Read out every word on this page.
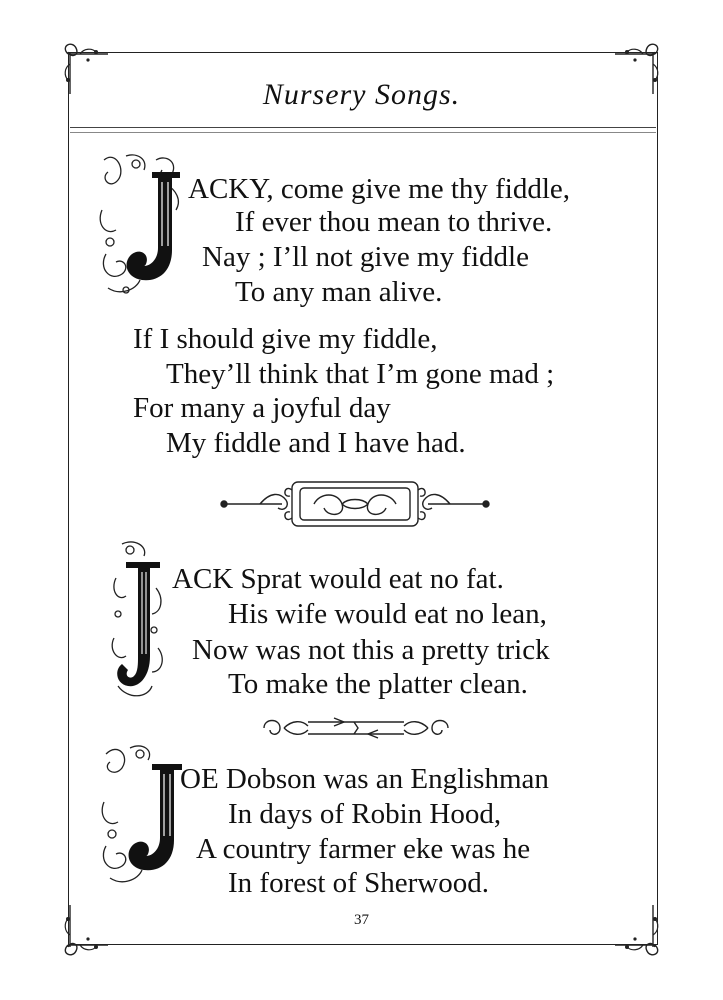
Nursery Songs.
ACKY, come give me thy fiddle,
If ever thou mean to thrive.
Nay ; I’ll not give my fiddle
To any man alive.
If I should give my fiddle,
They’ll think that I’m gone mad ;
For many a joyful day
My fiddle and I have had.
ACK Sprat would eat no fat.
His wife would eat no lean,
Now was not this a pretty trick
To make the platter clean.
OE Dobson was an Englishman
In days of Robin Hood,
A country farmer eke was he
In forest of Sherwood.
37
